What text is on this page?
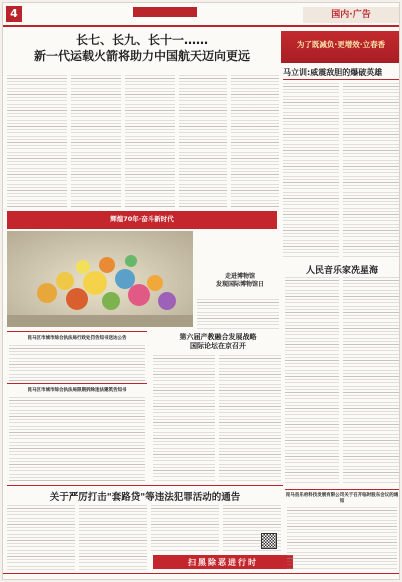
4	国内·广告
长七、长九、长十一……
新一代运载火箭将助力中国航天迈向更远
为了既减负·更增效·立春香
马立训:威震敌胆的爆破英雄
辉煌70年·奋斗新时代
走进博物馆
发现国际博物馆日
人民音乐家冼星海
昆马区市城市综合执法局行政处罚告知书送达公告
昆马区市城市综合执法局限期拆除违法建筑告知书
第六届产教融合发展战略
国际论坛在京召开
关于严厉打击"套路贷"等违法犯罪活动的通告
扫黑除恶进行时
昆马县乐府科技发展有限公司关于召开临时股东会议的通知
